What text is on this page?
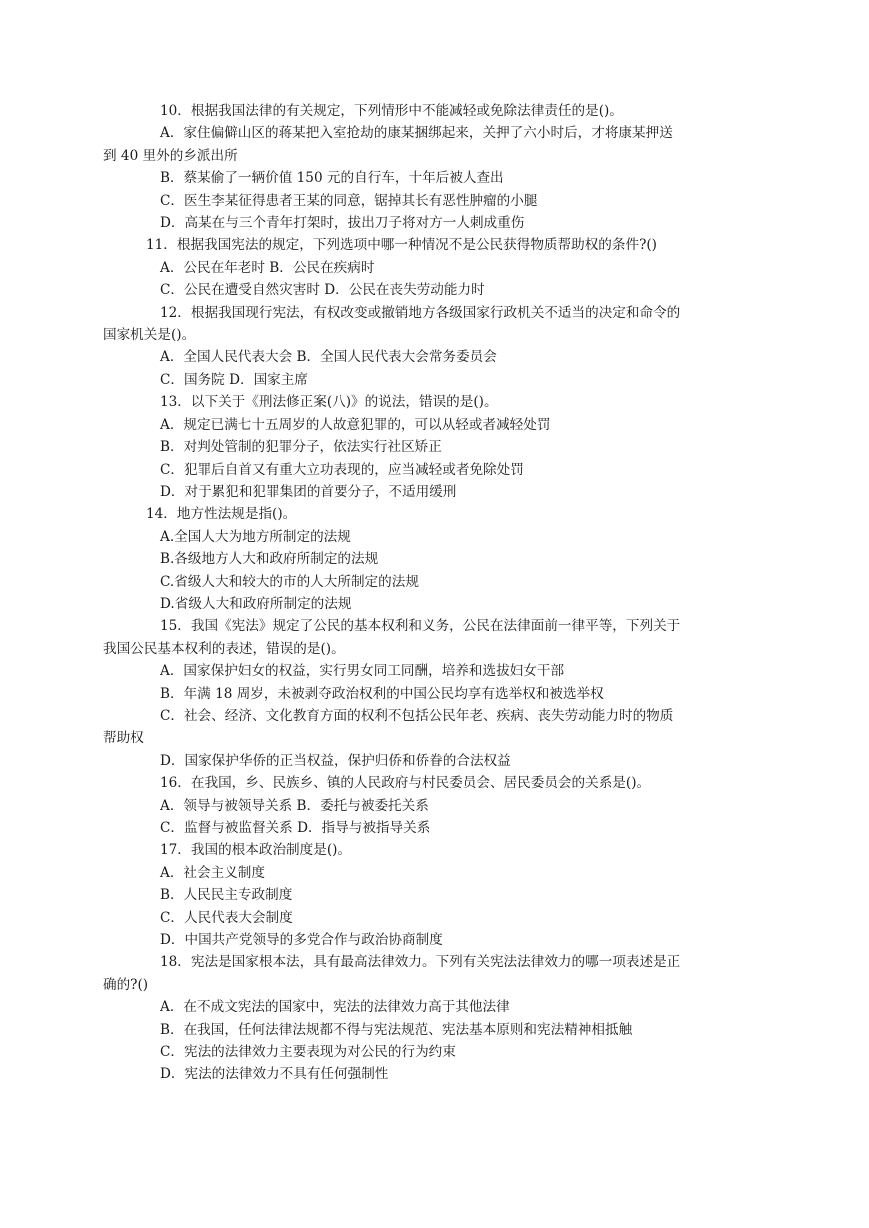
10．根据我国法律的有关规定，下列情形中不能减轻或免除法律责任的是()。
A．家住偏僻山区的蒋某把入室抢劫的康某捆绑起来，关押了六小时后，才将康某押送
到 40 里外的乡派出所
B．蔡某偷了一辆价值 150 元的自行车，十年后被人查出
C．医生李某征得患者王某的同意，锯掉其长有恶性肿瘤的小腿
D．高某在与三个青年打架时，拔出刀子将对方一人刺成重伤
11．根据我国宪法的规定，下列选项中哪一种情况不是公民获得物质帮助权的条件?()
A．公民在年老时 B．公民在疾病时
C．公民在遭受自然灾害时 D．公民在丧失劳动能力时
12．根据我国现行宪法，有权改变或撤销地方各级国家行政机关不适当的决定和命令的
国家机关是()。
A．全国人民代表大会 B．全国人民代表大会常务委员会
C．国务院 D．国家主席
13．以下关于《刑法修正案(八)》的说法，错误的是()。
A．规定已满七十五周岁的人故意犯罪的，可以从轻或者减轻处罚
B．对判处管制的犯罪分子，依法实行社区矫正
C．犯罪后自首又有重大立功表现的，应当减轻或者免除处罚
D．对于累犯和犯罪集团的首要分子，不适用缓刑
14．地方性法规是指()。
A.全国人大为地方所制定的法规
B.各级地方人大和政府所制定的法规
C.省级人大和较大的市的人大所制定的法规
D.省级人大和政府所制定的法规
15．我国《宪法》规定了公民的基本权利和义务，公民在法律面前一律平等，下列关于
我国公民基本权利的表述，错误的是()。
A．国家保护妇女的权益，实行男女同工同酬，培养和选拔妇女干部
B．年满 18 周岁，未被剥夺政治权利的中国公民均享有选举权和被选举权
C．社会、经济、文化教育方面的权利不包括公民年老、疾病、丧失劳动能力时的物质
帮助权
D．国家保护华侨的正当权益，保护归侨和侨眷的合法权益
16．在我国，乡、民族乡、镇的人民政府与村民委员会、居民委员会的关系是()。
A．领导与被领导关系 B．委托与被委托关系
C．监督与被监督关系 D．指导与被指导关系
17．我国的根本政治制度是()。
A．社会主义制度
B．人民民主专政制度
C．人民代表大会制度
D．中国共产党领导的多党合作与政治协商制度
18．宪法是国家根本法，具有最高法律效力。下列有关宪法法律效力的哪一项表述是正
确的?()
A．在不成文宪法的国家中，宪法的法律效力高于其他法律
B．在我国，任何法律法规都不得与宪法规范、宪法基本原则和宪法精神相抵触
C．宪法的法律效力主要表现为对公民的行为约束
D．宪法的法律效力不具有任何强制性
